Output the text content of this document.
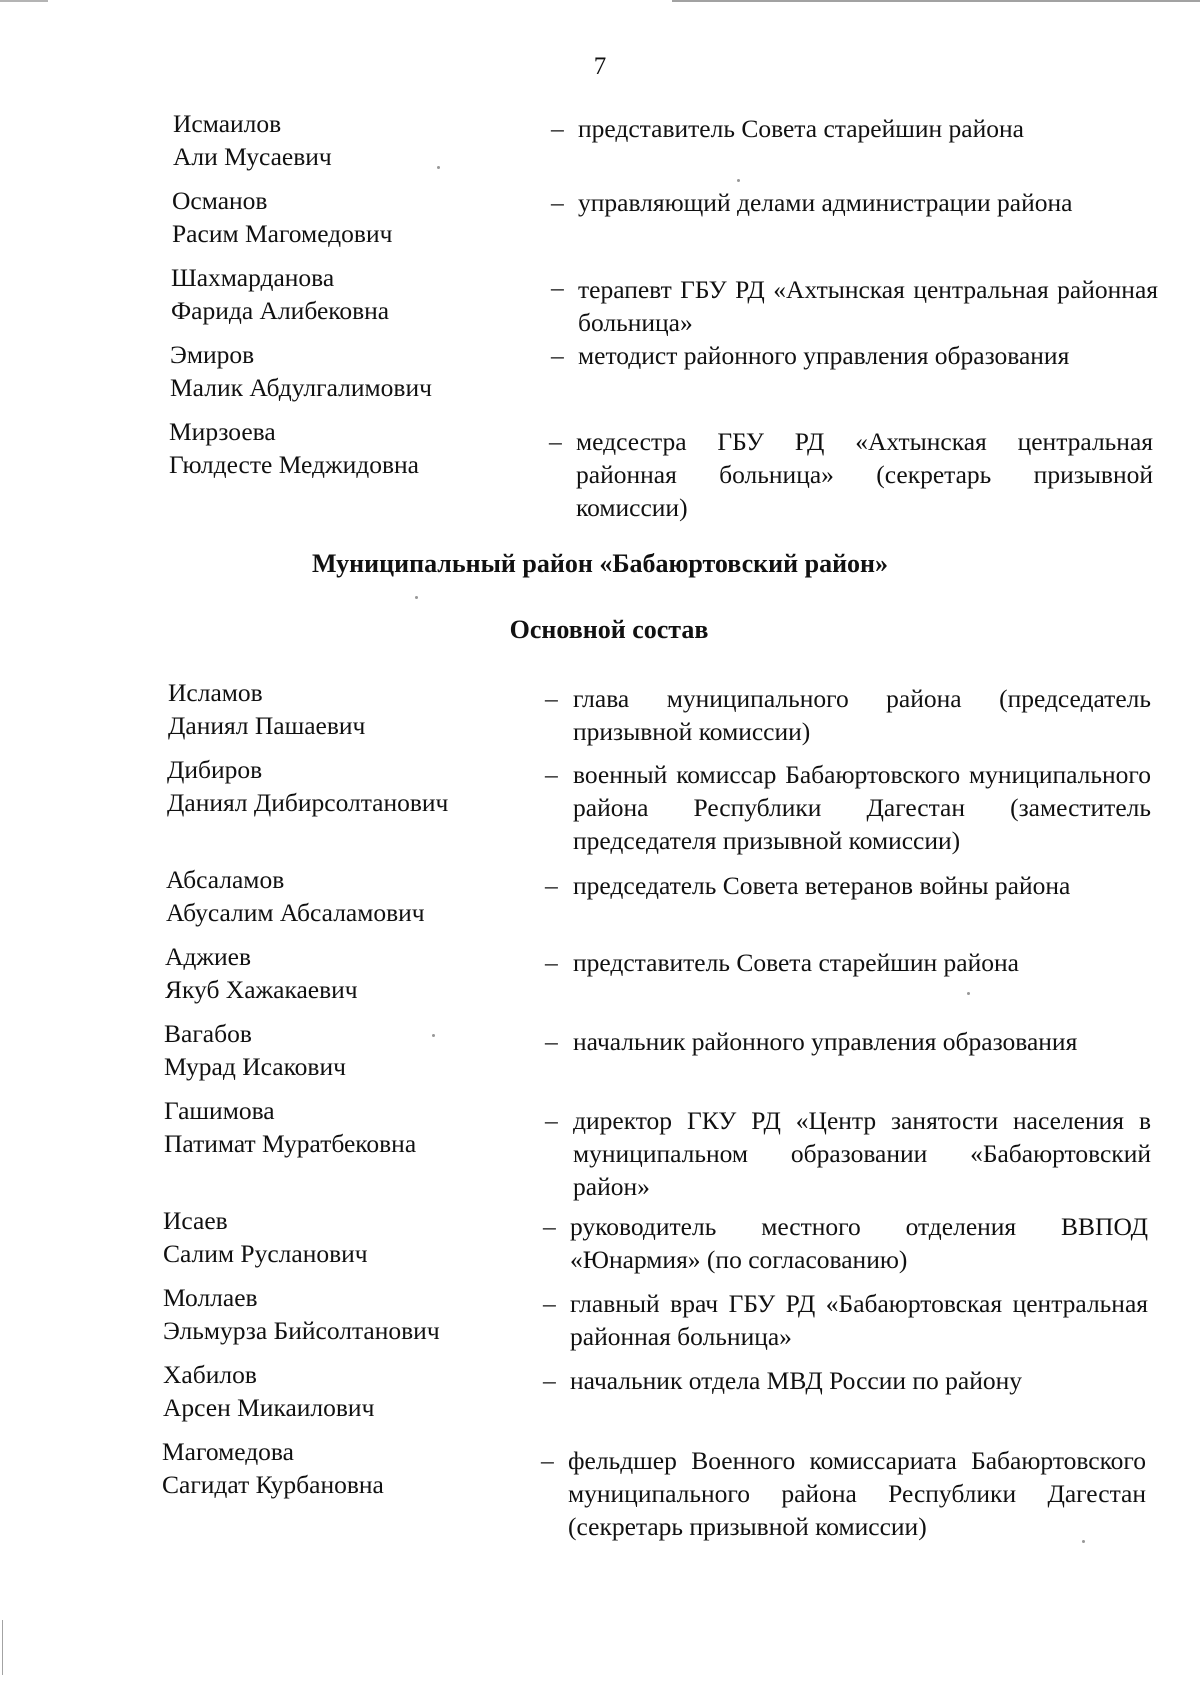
7
Исмаилов
Али Мусаевич
– представитель Совета старейшин района
Османов
Расим Магомедович
– управляющий делами администрации района
Шахмарданова
Фарида Алибековна
– терапевт ГБУ РД «Ахтынская центральная районная больница»
Эмиров
Малик Абдулгалимович
– методист районного управления образования
Мирзоева
Гюлдесте Меджидовна
– медсестра ГБУ РД «Ахтынская центральная районная больница» (секретарь призывной комиссии)
Муниципальный район «Бабаюртовский район»
Основной состав
Исламов
Даниял Пашаевич
– глава муниципального района (председатель призывной комиссии)
Дибиров
Даниял Дибирсолтанович
– военный комиссар Бабаюртовского муниципального района Республики Дагестан (заместитель председателя призывной комиссии)
Абсаламов
Абусалим Абсаламович
– председатель Совета ветеранов войны района
Аджиев
Якуб Хажакаевич
– представитель Совета старейшин района
Вагабов
Мурад Исакович
– начальник районного управления образования
Гашимова
Патимат Муратбековна
– директор ГКУ РД «Центр занятости населения в муниципальном образовании «Бабаюртовский район»
Исаев
Салим Русланович
– руководитель местного отделения ВВПОД «Юнармия» (по согласованию)
Моллаев
Эльмурза Бийсолтанович
– главный врач ГБУ РД «Бабаюртовская центральная районная больница»
Хабилов
Арсен Микаилович
– начальник отдела МВД России по району
Магомедова
Сагидат Курбановна
– фельдшер Военного комиссариата Бабаюртовского муниципального района Республики Дагестан (секретарь призывной комиссии)
